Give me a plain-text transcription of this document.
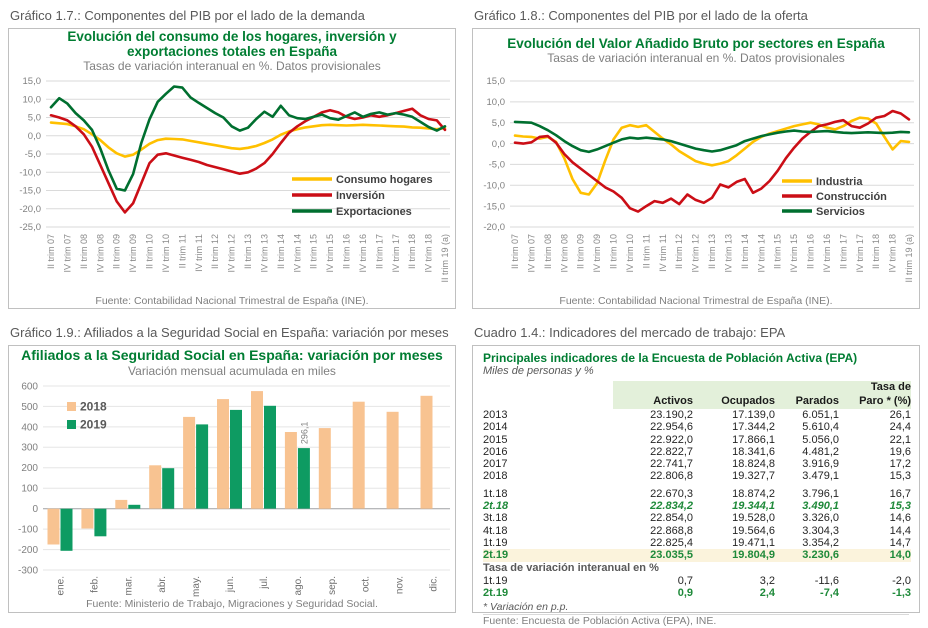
Gráfico 1.7.: Componentes del PIB por el lado de la demanda
Evolución del consumo de los hogares, inversión y exportaciones totales en España
Tasas de variación interanual en %. Datos provisionales
15,0
10,0
5,0
0,0
-5,0
-10,0
-15,0
-20,0
-25,0
II trim 07 IV trim 07 II trim 08 IV trim 08 II trim 09 IV trim 09 II trim 10 IV trim 10 II trim 11 IV trim 11 II trim 12 IV trim 12 II trim 13 IV trim 13 II trim 14 IV trim 14 II trim 15 IV trim 15 II trim 16 IV trim 16 II trim 17 IV trim 17 II trim 18 IV trim 18 II trim 19 (a)
Consumo hogares
Inversión
Exportaciones
Fuente: Contabilidad Nacional Trimestral de España (INE).
Gráfico 1.8.: Componentes del PIB por el lado de la oferta
Evolución del Valor Añadido Bruto por sectores en España
Tasas de variación interanual en %. Datos provisionales
15,0
10,0
5,0
0,0
-5,0
-10,0
-15,0
-20,0
II trim 07 IV trim 07 II trim 08 IV trim 08 II trim 09 IV trim 09 II trim 10 IV trim 10 II trim 11 IV trim 11 II trim 12 IV trim 12 II trim 13 IV trim 13 II trim 14 IV trim 14 II trim 15 IV trim 15 II trim 16 IV trim 16 II trim 17 IV trim 17 II trim 18 IV trim 18 II trim 19 (a)
Industria
Construcción
Servicios
Fuente: Contabilidad Nacional Trimestral de España (INE).
Gráfico 1.9.: Afiliados a la Seguridad Social en España: variación por meses
Afiliados a la Seguridad Social en España: variación por meses
Variación mensual acumulada en miles
600
500
400
300
200
100
0
-100
-200
-300
ene. feb. mar. abr. may. jun. jul. ago. sep. oct. nov. dic.
2018
2019	296,1
Fuente: Ministerio de Trabajo, Migraciones y Seguridad Social.
Cuadro 1.4.: Indicadores del mercado de trabajo: EPA
Principales indicadores de la Encuesta de Población Activa (EPA)
Miles de personas y %
	Tasa de			
	Activos	Ocupados	Parados	Paro * (%)
2013	23.190,2	17.139,0	6.051,1	26,1
2014	22.954,6	17.344,2	5.610,4	24,4
2015	22.922,0	17.866,1	5.056,0	22,1
2016	22.822,7	18.341,6	4.481,2	19,6
2017	22.741,7	18.824,8	3.916,9	17,2
2018	22.806,8	19.327,7	3.479,1	15,3

1t.18	22.670,3	18.874,2	3.796,1	16,7
2t.18	22.834,2	19.344,1	3.490,1	15,3
3t.18	22.854,0	19.528,0	3.326,0	14,6
4t.18	22.868,8	19.564,6	3.304,3	14,4
1t.19	22.825,4	19.471,1	3.354,2	14,7
2t.19	23.035,5	19.804,9	3.230,6	14,0
Tasa de variación interanual en %				
1t.19	0,7	3,2	-11,6	-2,0
2t.19	0,9	2,4	-7,4	-1,3
* Variación en p.p.
Fuente: Encuesta de Población Activa (EPA), INE.
